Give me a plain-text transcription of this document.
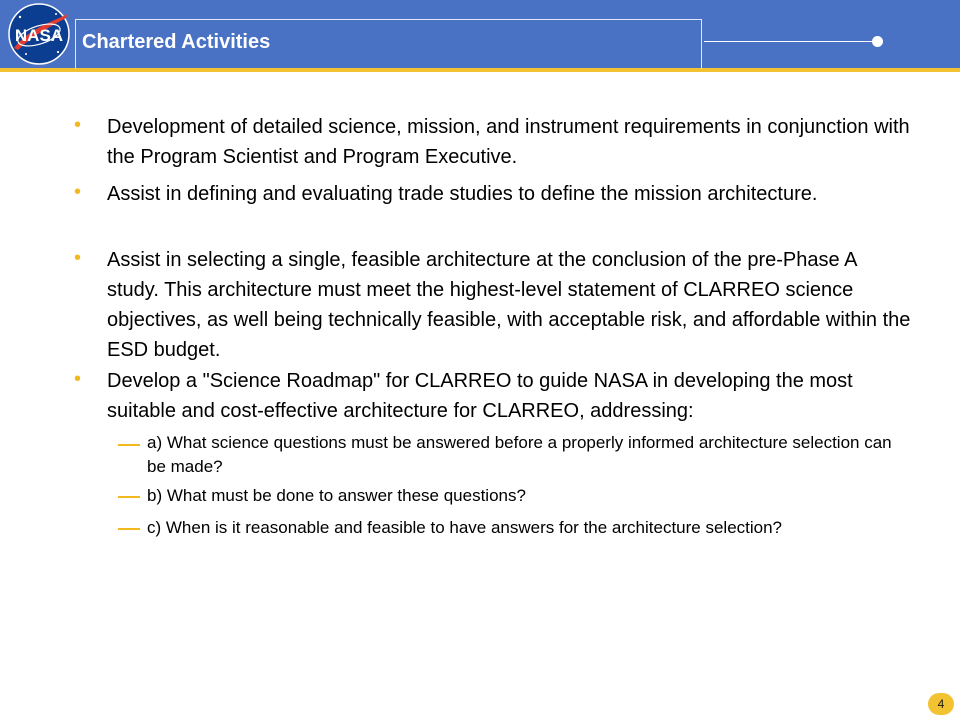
NASA Chartered Activities
• Development of detailed science, mission, and instrument requirements in conjunction with the Program Scientist and Program Executive.
• Assist in defining and evaluating trade studies to define the mission architecture.
• Assist in selecting a single, feasible architecture at the conclusion of the pre-Phase A study. This architecture must meet the highest-level statement of CLARREO science objectives, as well being technically feasible, with acceptable risk, and affordable within the ESD budget.
• Develop a "Science Roadmap" for CLARREO to guide NASA in developing the most suitable and cost-effective architecture for CLARREO, addressing:
a) What science questions must be answered before a properly informed architecture selection can be made?
b) What must be done to answer these questions?
c) When is it reasonable and feasible to have answers for the architecture selection?
4
